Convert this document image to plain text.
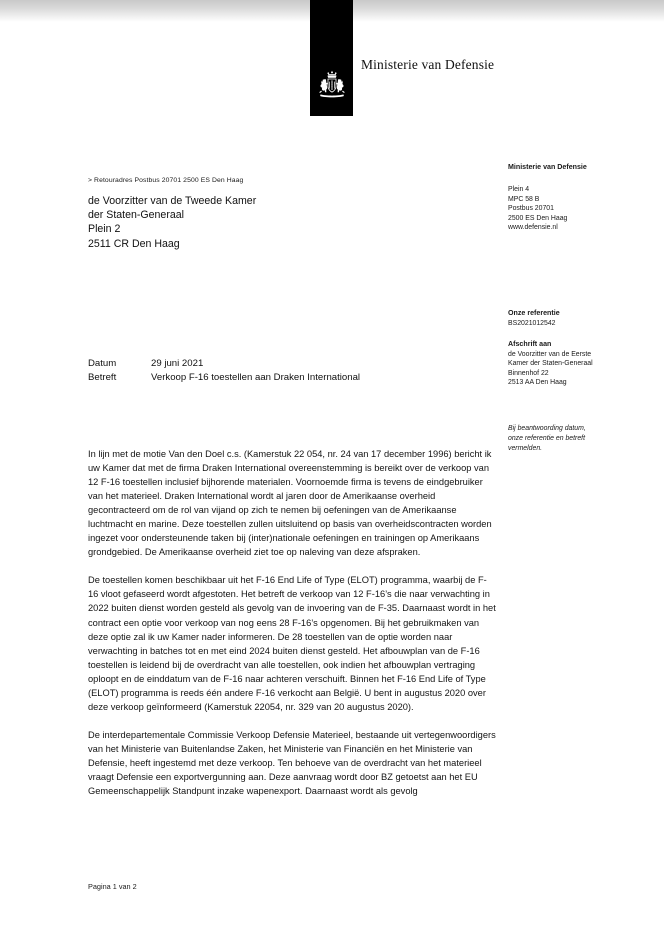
Ministerie van Defensie
> Retouradres Postbus 20701 2500 ES Den Haag
de Voorzitter van de Tweede Kamer
der Staten-Generaal
Plein 2
2511 CR Den Haag
Datum	29 juni 2021
Betreft	Verkoop F-16 toestellen aan Draken International

In lijn met de motie Van den Doel c.s. (Kamerstuk 22 054, nr. 24 van 17 december 1996) bericht ik uw Kamer dat met de firma Draken International overeenstemming is bereikt over de verkoop van 12 F-16 toestellen inclusief bijhorende materialen. Voornoemde firma is tevens de eindgebruiker van het materieel. Draken International wordt al jaren door de Amerikaanse overheid gecontracteerd om de rol van vijand op zich te nemen bij oefeningen van de Amerikaanse luchtmacht en marine. Deze toestellen zullen uitsluitend op basis van overheidscontracten worden ingezet voor ondersteunende taken bij (inter)nationale oefeningen en trainingen op Amerikaans grondgebied. De Amerikaanse overheid ziet toe op naleving van deze afspraken.

De toestellen komen beschikbaar uit het F-16 End Life of Type (ELOT) programma, waarbij de F-16 vloot gefaseerd wordt afgestoten. Het betreft de verkoop van 12 F-16’s die naar verwachting in 2022 buiten dienst worden gesteld als gevolg van de invoering van de F-35. Daarnaast wordt in het contract een optie voor verkoop van nog eens 28 F-16’s opgenomen. Bij het gebruikmaken van deze optie zal ik uw Kamer nader informeren. De 28 toestellen van de optie worden naar verwachting in batches tot en met eind 2024 buiten dienst gesteld. Het afbouwplan van de F-16 toestellen is leidend bij de overdracht van alle toestellen, ook indien het afbouwplan vertraging oploopt en de einddatum van de F-16 naar achteren verschuift. Binnen het F-16 End Life of Type (ELOT) programma is reeds één andere F-16 verkocht aan België. U bent in augustus 2020 over deze verkoop geïnformeerd (Kamerstuk 22054, nr. 329 van 20 augustus 2020).

De interdepartementale Commissie Verkoop Defensie Materieel, bestaande uit vertegenwoordigers van het Ministerie van Buitenlandse Zaken, het Ministerie van Financiën en het Ministerie van Defensie, heeft ingestemd met deze verkoop. Ten behoeve van de overdracht van het materieel vraagt Defensie een exportvergunning aan. Deze aanvraag wordt door BZ getoetst aan het EU Gemeenschappelijk Standpunt inzake wapenexport. Daarnaast wordt als gevolg

Pagina 1 van 2
Ministerie van Defensie
Plein 4
MPC 58 B
Postbus 20701
2500 ES Den Haag
www.defensie.nl
Onze referentie
BS2021012542
Afschrift aan
de Voorzitter van de Eerste
Kamer der Staten-Generaal
Binnenhof 22
2513 AA Den Haag
Bij beantwoording datum,
onze referentie en betreft
vermelden.
